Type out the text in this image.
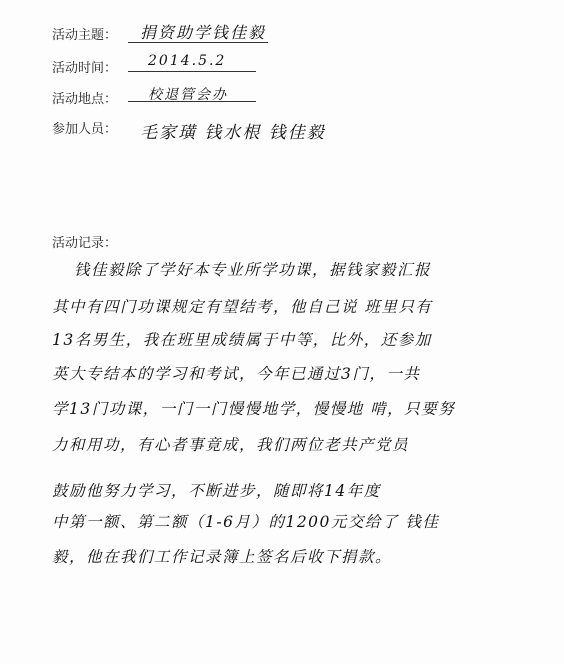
活动主题： 捐资助学钱佳毅
活动时间： 2014.5.2
活动地点： 校退管会办
参加人员： 毛家璜 钱水根 钱佳毅
活动记录：
钱佳毅除了学好本专业所学功课，据钱家毅汇报
其中有四门功课规定有望结考，他自己说 班里只有
13名男生，我在班里成绩属于中等，比外，还参加
英大专结本的学习和考试，今年已通过3门，一共
学13门功课，一门一门慢慢地学，慢慢地 啃，只要努
力和用功，有心者事竟成，我们两位老共产党员
鼓励他努力学习，不断进步，随即将14年度
中第一额、第二额（1-6月）的1200元交给了 钱佳
毅，他在我们工作记录簿上签名后收下捐款。
